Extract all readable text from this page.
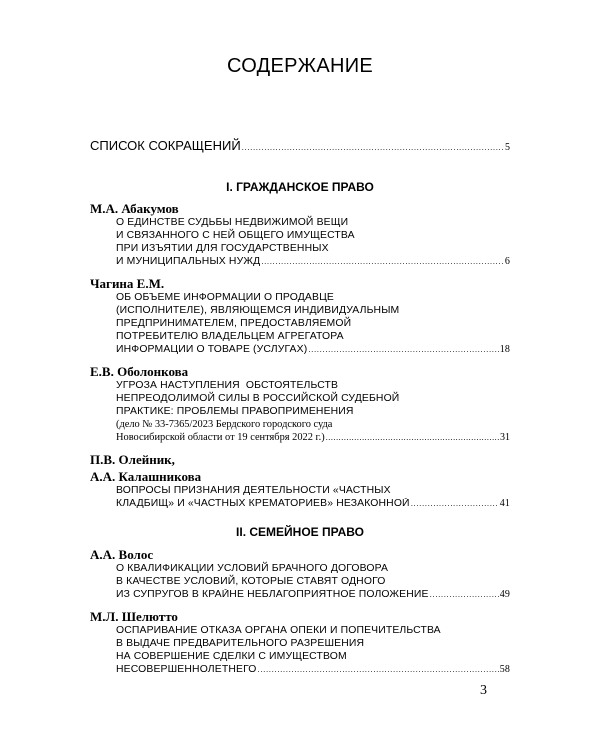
СОДЕРЖАНИЕ
СПИСОК СОКРАЩЕНИЙ .....	5
I. ГРАЖДАНСКОЕ ПРАВО
М.А. Абакумов
О ЕДИНСТВЕ СУДЬБЫ НЕДВИЖИМОЙ ВЕЩИ
И СВЯЗАННОГО С НЕЙ ОБЩЕГО ИМУЩЕСТВА
ПРИ ИЗЪЯТИИ ДЛЯ ГОСУДАРСТВЕННЫХ
И МУНИЦИПАЛЬНЫХ НУЖД .....	6
Чагина Е.М.
ОБ ОБЪЕМЕ ИНФОРМАЦИИ О ПРОДАВЦЕ
(ИСПОЛНИТЕЛЕ), ЯВЛЯЮЩЕМСЯ ИНДИВИДУАЛЬНЫМ
ПРЕДПРИНИМАТЕЛЕМ, ПРЕДОСТАВЛЯЕМОЙ
ПОТРЕБИТЕЛЮ ВЛАДЕЛЬЦЕМ АГРЕГАТОРА
ИНФОРМАЦИИ О ТОВАРЕ (УСЛУГАХ) .....	18
Е.В. Оболонкова
УГРОЗА НАСТУПЛЕНИЯ  ОБСТОЯТЕЛЬСТВ
НЕПРЕОДОЛИМОЙ СИЛЫ В РОССИЙСКОЙ СУДЕБНОЙ
ПРАКТИКЕ: ПРОБЛЕМЫ ПРАВОПРИМЕНЕНИЯ
(дело № 33-7365/2023 Бердского городского суда
Новосибирской области от 19 сентября 2022 г.) .....	31
П.В. Олейник,
А.А. Калашникова
ВОПРОСЫ ПРИЗНАНИЯ ДЕЯТЕЛЬНОСТИ «ЧАСТНЫХ
КЛАДБИЩ» И «ЧАСТНЫХ КРЕМАТОРИЕВ» НЕЗАКОННОЙ .....	41
II. СЕМЕЙНОЕ ПРАВО
А.А. Волос
О КВАЛИФИКАЦИИ УСЛОВИЙ БРАЧНОГО ДОГОВОРА
В КАЧЕСТВЕ УСЛОВИЙ, КОТОРЫЕ СТАВЯТ ОДНОГО
ИЗ СУПРУГОВ В КРАЙНЕ НЕБЛАГОПРИЯТНОЕ ПОЛОЖЕНИЕ .....	49
М.Л. Шелютто
ОСПАРИВАНИЕ ОТКАЗА ОРГАНА ОПЕКИ И ПОПЕЧИТЕЛЬСТВА
В ВЫДАЧЕ ПРЕДВАРИТЕЛЬНОГО РАЗРЕШЕНИЯ
НА СОВЕРШЕНИЕ СДЕЛКИ С ИМУЩЕСТВОМ
НЕСОВЕРШЕННОЛЕТНЕГО .....	58
3
